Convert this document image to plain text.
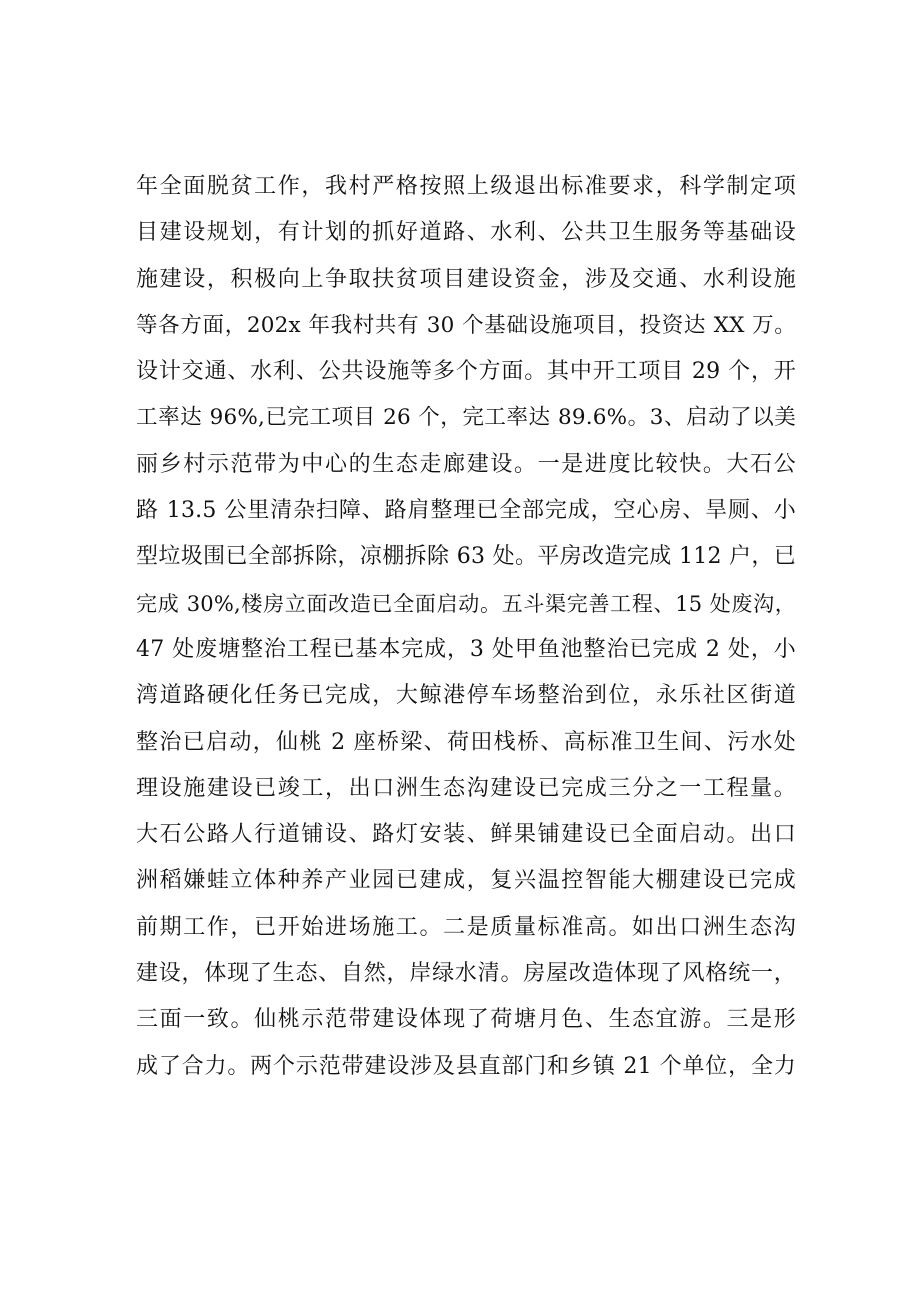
年全面脱贫工作，我村严格按照上级退出标准要求，科学制定项
目建设规划，有计划的抓好道路、水利、公共卫生服务等基础设
施建设，积极向上争取扶贫项目建设资金，涉及交通、水利设施
等各方面，202x 年我村共有 30 个基础设施项目，投资达 XX 万。
设计交通、水利、公共设施等多个方面。其中开工项目 29 个，开
工率达 96%,已完工项目 26 个，完工率达 89.6%。3、启动了以美
丽乡村示范带为中心的生态走廊建设。一是进度比较快。大石公
路 13.5 公里清杂扫障、路肩整理已全部完成，空心房、旱厕、小
型垃圾围已全部拆除，凉棚拆除 63 处。平房改造完成 112 户，已
完成 30%,楼房立面改造已全面启动。五斗渠完善工程、15 处废沟，
47 处废塘整治工程已基本完成，3 处甲鱼池整治已完成 2 处，小
湾道路硬化任务已完成，大鲸港停车场整治到位，永乐社区街道
整治已启动，仙桃 2 座桥梁、荷田栈桥、高标准卫生间、污水处
理设施建设已竣工，出口洲生态沟建设已完成三分之一工程量。
大石公路人行道铺设、路灯安装、鲜果铺建设已全面启动。出口
洲稻嫌蛙立体种养产业园已建成，复兴温控智能大棚建设已完成
前期工作，已开始进场施工。二是质量标准高。如出口洲生态沟
建设，体现了生态、自然，岸绿水清。房屋改造体现了风格统一，
三面一致。仙桃示范带建设体现了荷塘月色、生态宜游。三是形
成了合力。两个示范带建设涉及县直部门和乡镇 21 个单位，全力
